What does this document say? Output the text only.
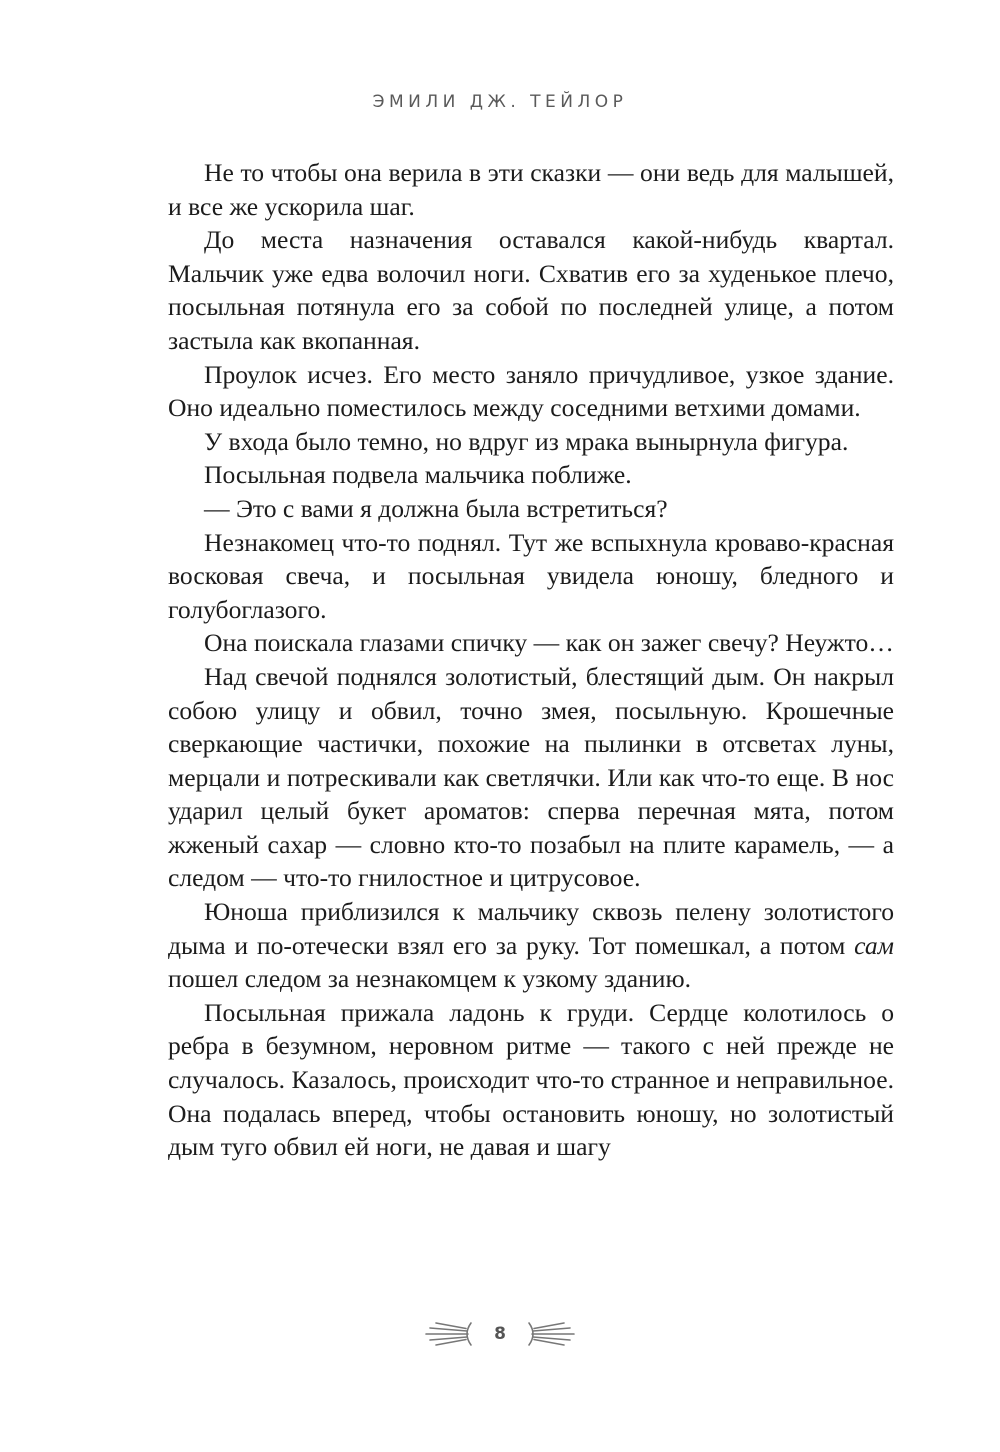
ЭМИЛИ ДЖ. ТЕЙЛОР

Не то чтобы она верила в эти сказки — они ведь для малышей, и все же ускорила шаг.

До места назначения оставался какой-нибудь квартал. Мальчик уже едва волочил ноги. Схватив его за худенькое плечо, посыльная потянула его за собой по последней улице, а потом застыла как вкопанная.

Проулок исчез. Его место заняло причудливое, узкое здание. Оно идеально поместилось между соседними ветхими домами.

У входа было темно, но вдруг из мрака вынырнула фигура.

Посыльная подвела мальчика поближе.

— Это с вами я должна была встретиться?

Незнакомец что-то поднял. Тут же вспыхнула кроваво-красная восковая свеча, и посыльная увидела юношу, бледного и голубоглазого.

Она поискала глазами спичку — как он зажег свечу? Неужто…

Над свечой поднялся золотистый, блестящий дым. Он накрыл собою улицу и обвил, точно змея, посыльную. Крошечные сверкающие частички, похожие на пылинки в отсветах луны, мерцали и потрескивали как светлячки. Или как что-то еще. В нос ударил целый букет ароматов: сперва перечная мята, потом жженый сахар — словно кто-то позабыл на плите карамель, — а следом — что-то гнилостное и цитрусовое.

Юноша приблизился к мальчику сквозь пелену золотистого дыма и по-отечески взял его за руку. Тот помешкал, а потом сам пошел следом за незнакомцем к узкому зданию.

Посыльная прижала ладонь к груди. Сердце колотилось о ребра в безумном, неровном ритме — такого с ней прежде не случалось. Казалось, происходит что-то странное и неправильное. Она подалась вперед, чтобы остановить юношу, но золотистый дым туго обвил ей ноги, не давая и шагу

8
